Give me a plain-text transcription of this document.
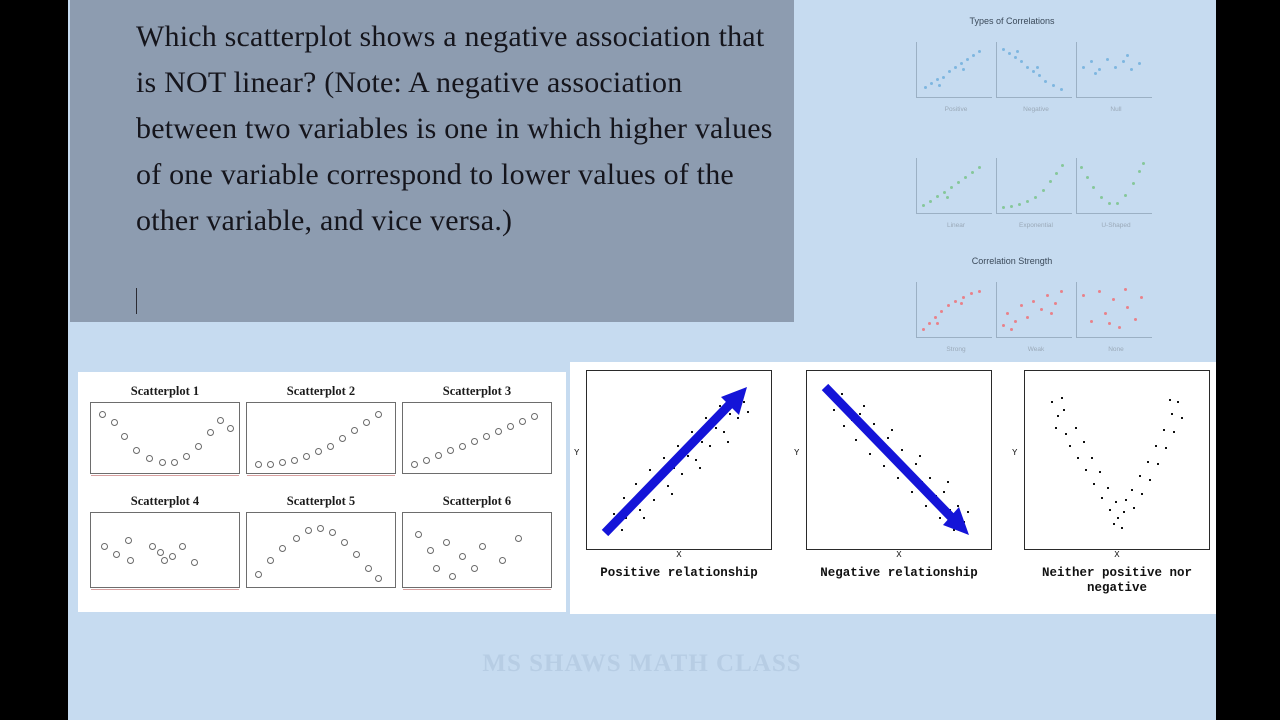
Which scatterplot shows a negative association that is NOT linear? (Note: A negative association between two variables is one in which higher values of one variable correspond to lower values of the other variable, and vice versa.)
Types of Correlations
Correlation Strength
Positive	Negative	Null
Linear	Exponential	U-Shaped
Strong	Weak	None
Scatterplot 1	Scatterplot 2	Scatterplot 3
Scatterplot 4	Scatterplot 5	Scatterplot 6
Y
X
Positive relationship
Y
X
Negative relationship
Y
X
Neither positive nor negative
MS SHAWS MATH CLASS
